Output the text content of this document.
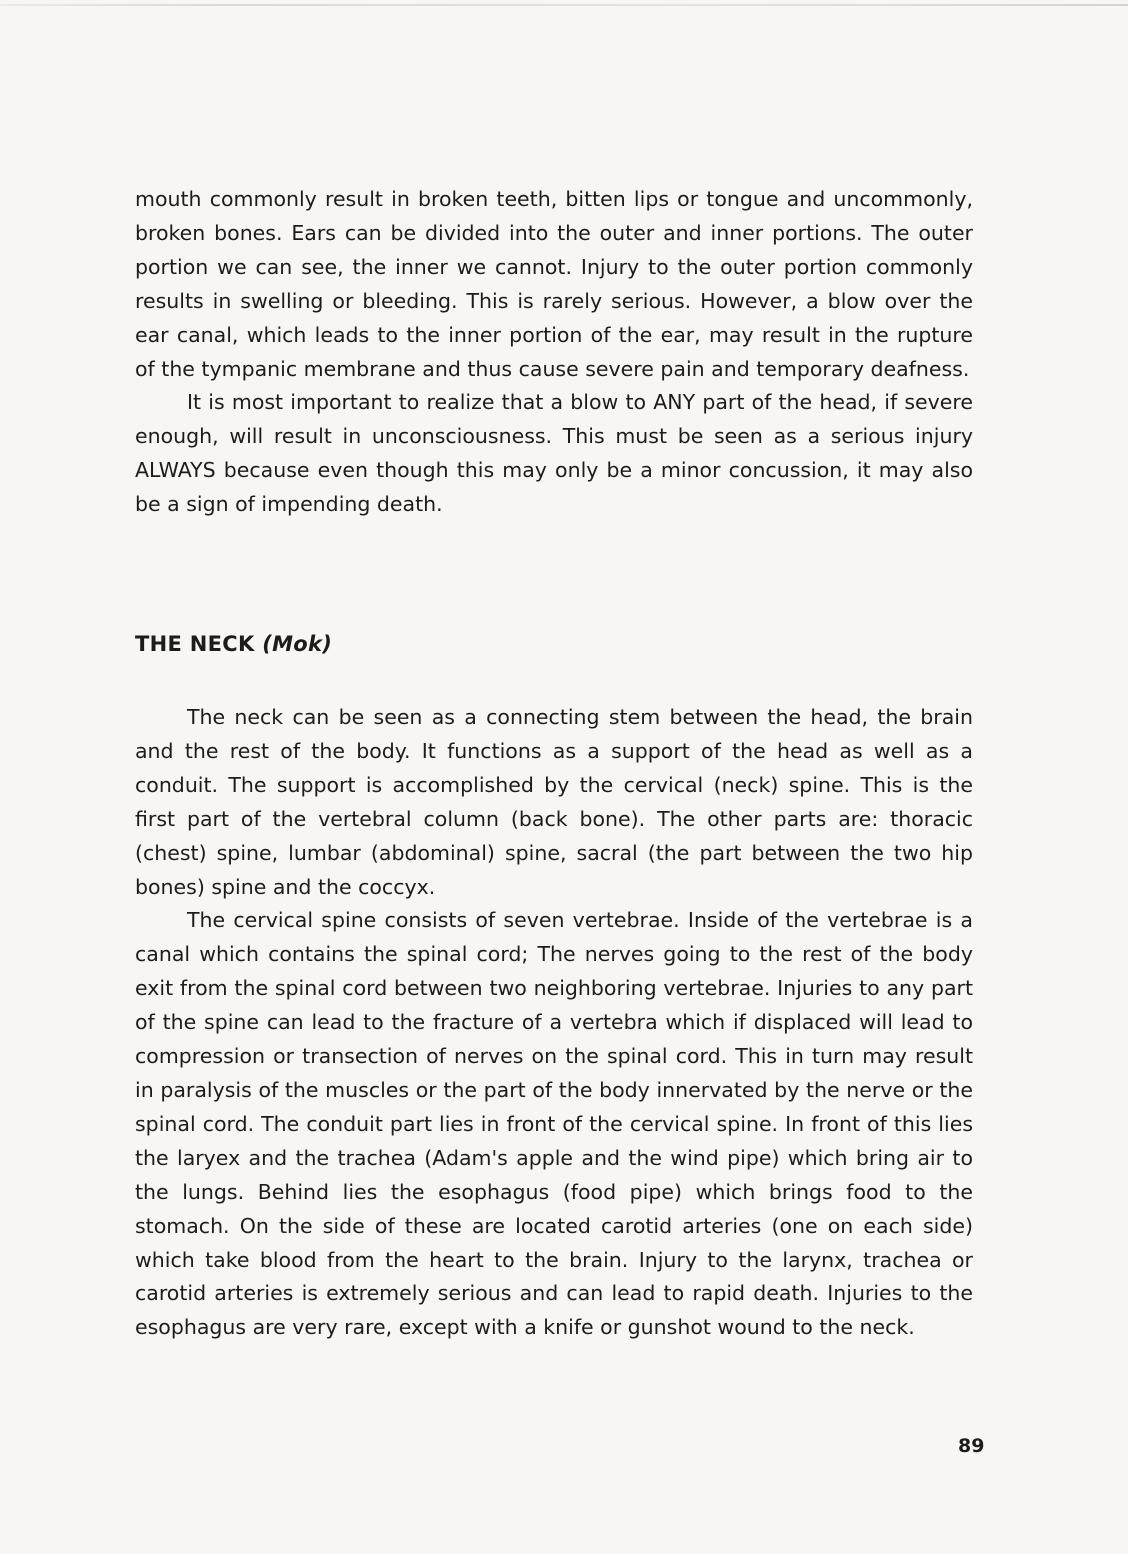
mouth commonly result in broken teeth, bitten lips or tongue and uncommonly, broken bones. Ears can be divided into the outer and inner portions. The outer portion we can see, the inner we cannot. Injury to the outer portion commonly results in swelling or bleeding. This is rarely serious. However, a blow over the ear canal, which leads to the inner portion of the ear, may result in the rupture of the tympanic membrane and thus cause severe pain and temporary deafness.

It is most important to realize that a blow to ANY part of the head, if severe enough, will result in unconsciousness. This must be seen as a serious injury ALWAYS because even though this may only be a minor concussion, it may also be a sign of impending death.

THE NECK (Mok)

The neck can be seen as a connecting stem between the head, the brain and the rest of the body. It functions as a support of the head as well as a conduit. The support is accomplished by the cervical (neck) spine. This is the first part of the vertebral column (back bone). The other parts are: thoracic (chest) spine, lumbar (abdominal) spine, sacral (the part between the two hip bones) spine and the coccyx.

The cervical spine consists of seven vertebrae. Inside of the vertebrae is a canal which contains the spinal cord; The nerves going to the rest of the body exit from the spinal cord between two neighboring vertebrae. Injuries to any part of the spine can lead to the fracture of a vertebra which if displaced will lead to compression or transection of nerves on the spinal cord. This in turn may result in paralysis of the muscles or the part of the body innervated by the nerve or the spinal cord. The conduit part lies in front of the cervical spine. In front of this lies the laryex and the trachea (Adam's apple and the wind pipe) which bring air to the lungs. Behind lies the esophagus (food pipe) which brings food to the stomach. On the side of these are located carotid arteries (one on each side) which take blood from the heart to the brain. Injury to the larynx, trachea or carotid arteries is extremely serious and can lead to rapid death. Injuries to the esophagus are very rare, except with a knife or gunshot wound to the neck.

89
